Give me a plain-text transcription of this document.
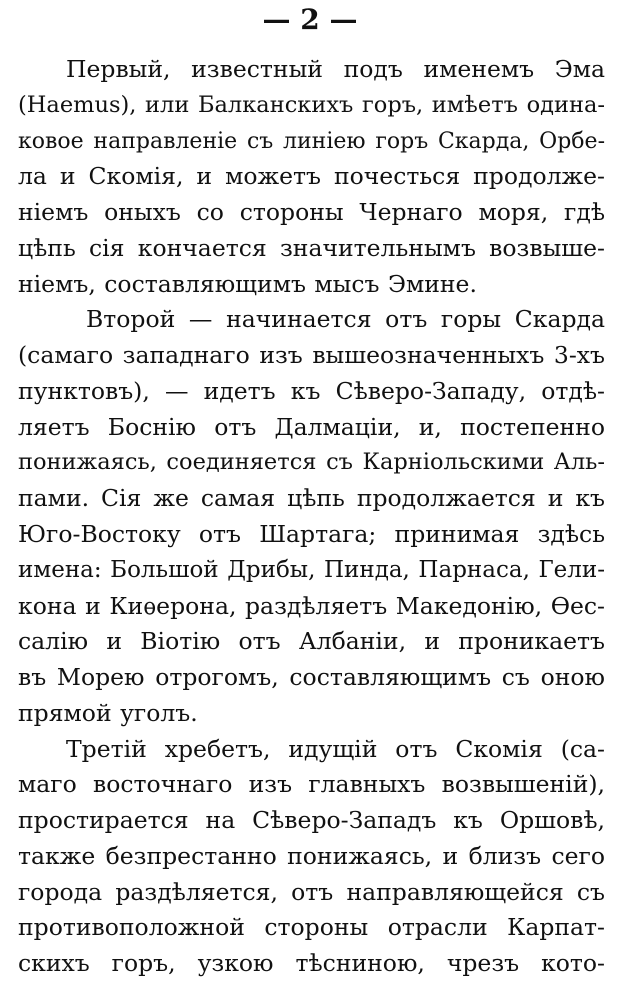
— 2 —
Первый, известный подъ именемъ Эма
(Haemus), или Балканскихъ горъ, имѣетъ одина-
ковое направленіе съ линіею горъ Скарда, Орбе-
ла и Скомія, и можетъ почесться продолже-
ніемъ оныхъ со стороны Чернаго моря, гдѣ
цѣпь сія кончается значительнымъ возвыше-
ніемъ, составляющимъ мысъ Эмине.
Второй — начинается отъ горы Скарда
(самаго западнаго изъ вышеозначенныхъ 3-хъ
пунктовъ), — идетъ къ Сѣверо-Западу, отдѣ-
ляетъ Боснію отъ Далмаціи, и, постепенно
понижаясь, соединяется съ Карніольскими Аль-
пами. Сія же самая цѣпь продолжается и къ
Юго-Востоку отъ Шартага; принимая здѣсь
имена: Большой Дрибы, Пинда, Парнаса, Гели-
кона и Киѳерона, раздѣляетъ Македонію, Ѳес-
салію и Віотію отъ Албаніи, и проникаетъ
въ Морею отрогомъ, составляющимъ съ оною
прямой уголъ.
Третій хребетъ, идущій отъ Скомія (са-
маго восточнаго изъ главныхъ возвышеній),
простирается на Сѣверо-Западъ къ Оршовѣ,
также безпрестанно понижаясь, и близъ сего
города раздѣляется, отъ направляющейся съ
противоположной стороны отрасли Карпат-
скихъ горъ, узкою тѣсниною, чрезъ кото-
